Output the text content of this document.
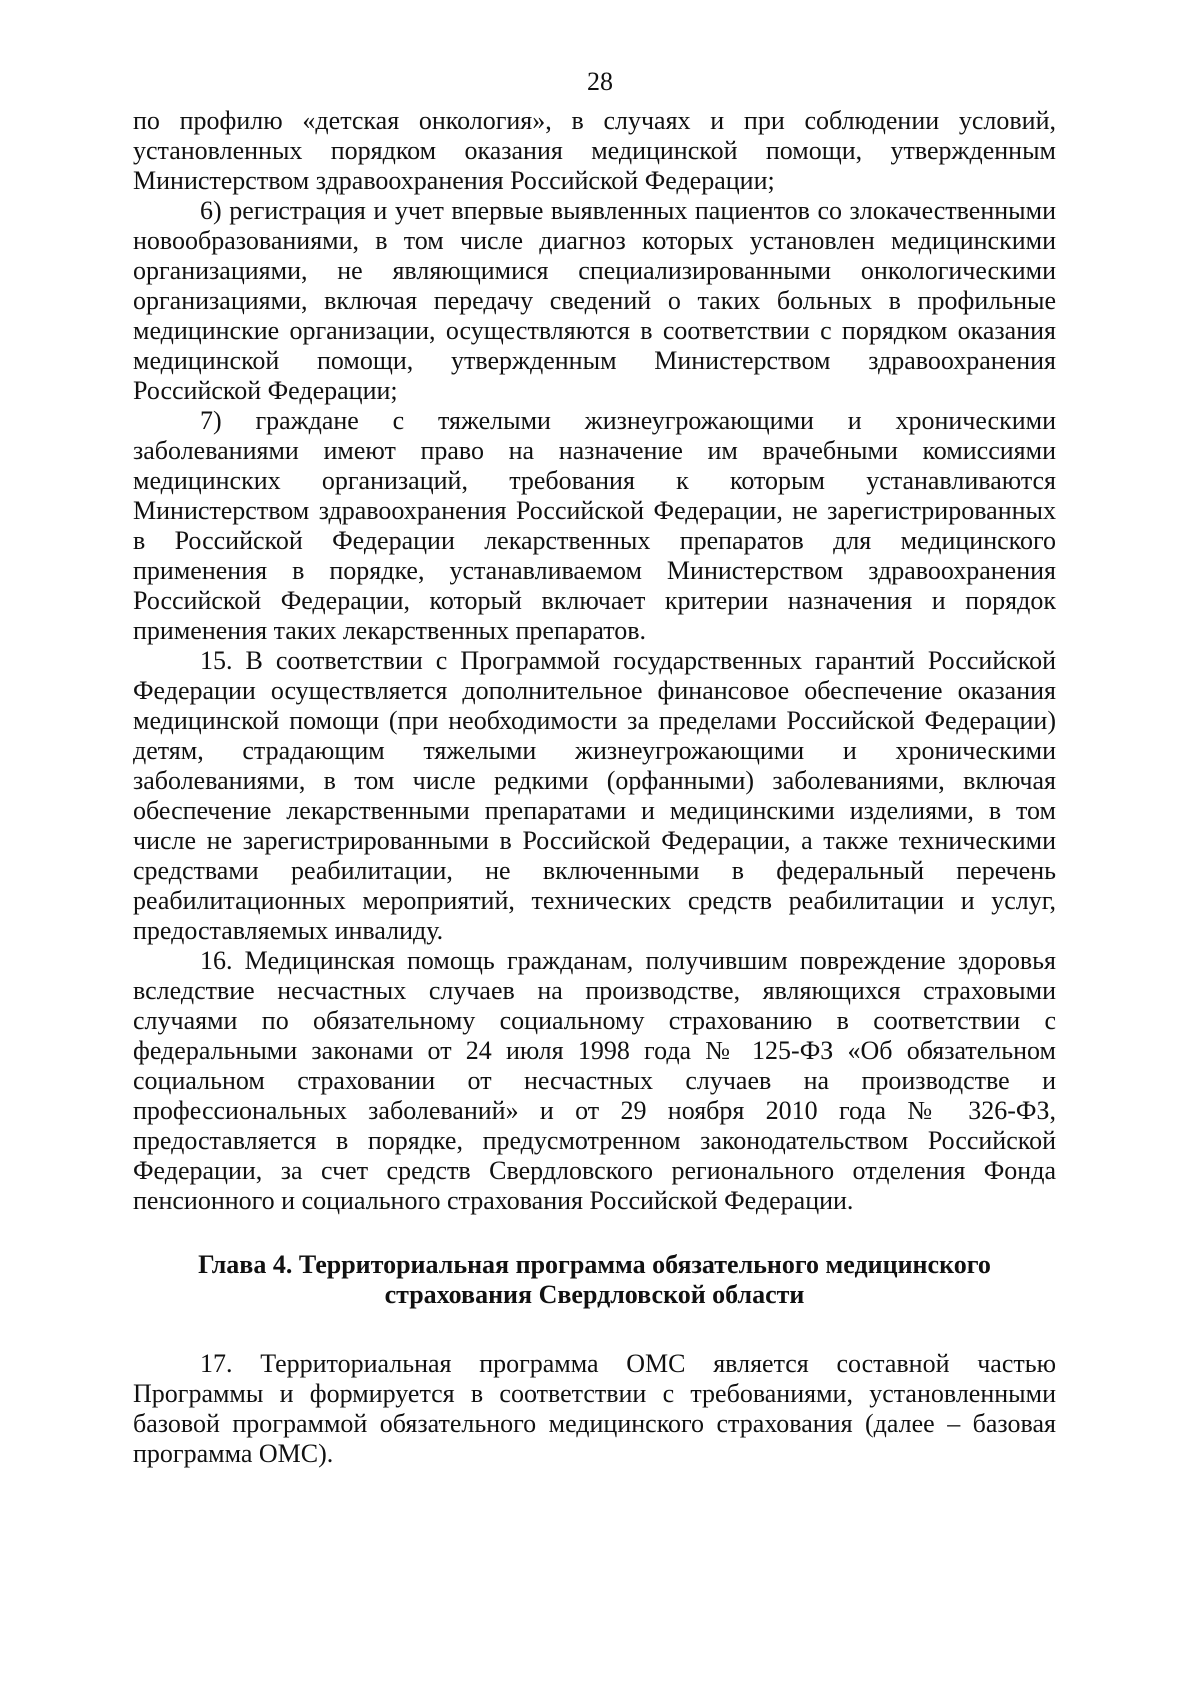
28

по профилю «детская онкология», в случаях и при соблюдении условий, установленных порядком оказания медицинской помощи, утвержденным Министерством здравоохранения Российской Федерации;

6) регистрация и учет впервые выявленных пациентов со злокачественными новообразованиями, в том числе диагноз которых установлен медицинскими организациями, не являющимися специализированными онкологическими организациями, включая передачу сведений о таких больных в профильные медицинские организации, осуществляются в соответствии с порядком оказания медицинской помощи, утвержденным Министерством здравоохранения Российской Федерации;

7) граждане с тяжелыми жизнеугрожающими и хроническими заболеваниями имеют право на назначение им врачебными комиссиями медицинских организаций, требования к которым устанавливаются Министерством здравоохранения Российской Федерации, не зарегистрированных в Российской Федерации лекарственных препаратов для медицинского применения в порядке, устанавливаемом Министерством здравоохранения Российской Федерации, который включает критерии назначения и порядок применения таких лекарственных препаратов.

15. В соответствии с Программой государственных гарантий Российской Федерации осуществляется дополнительное финансовое обеспечение оказания медицинской помощи (при необходимости за пределами Российской Федерации) детям, страдающим тяжелыми жизнеугрожающими и хроническими заболеваниями, в том числе редкими (орфанными) заболеваниями, включая обеспечение лекарственными препаратами и медицинскими изделиями, в том числе не зарегистрированными в Российской Федерации, а также техническими средствами реабилитации, не включенными в федеральный перечень реабилитационных мероприятий, технических средств реабилитации и услуг, предоставляемых инвалиду.

16. Медицинская помощь гражданам, получившим повреждение здоровья вследствие несчастных случаев на производстве, являющихся страховыми случаями по обязательному социальному страхованию в соответствии с федеральными законами от 24 июля 1998 года № 125-ФЗ «Об обязательном социальном страховании от несчастных случаев на производстве и профессиональных заболеваний» и от 29 ноября 2010 года № 326-ФЗ, предоставляется в порядке, предусмотренном законодательством Российской Федерации, за счет средств Свердловского регионального отделения Фонда пенсионного и социального страхования Российской Федерации.

Глава 4. Территориальная программа обязательного медицинского
страхования Свердловской области

17. Территориальная программа ОМС является составной частью Программы и формируется в соответствии с требованиями, установленными базовой программой обязательного медицинского страхования (далее – базовая программа ОМС).
